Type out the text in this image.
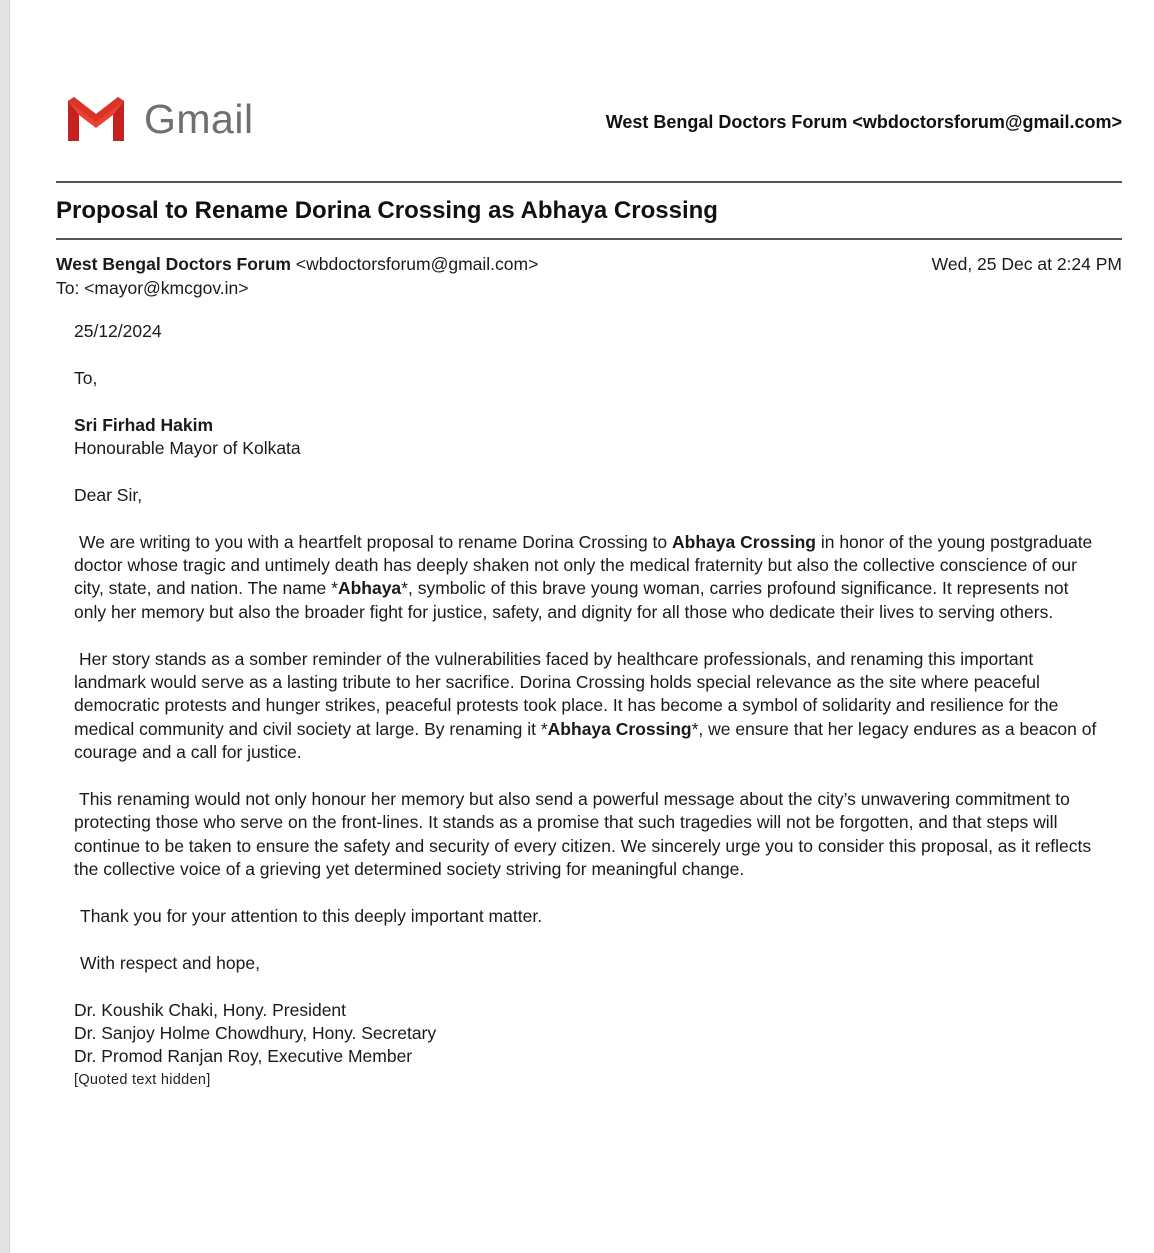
Gmail	West Bengal Doctors Forum <wbdoctorsforum@gmail.com>
Proposal to Rename Dorina Crossing as Abhaya Crossing
West Bengal Doctors Forum <wbdoctorsforum@gmail.com>
To: <mayor@kmcgov.in>
Wed, 25 Dec at 2:24 PM

25/12/2024

To,

Sri Firhad Hakim
Honourable Mayor of Kolkata

Dear Sir,

We are writing to you with a heartfelt proposal to rename Dorina Crossing to Abhaya Crossing in honor of the young postgraduate doctor whose tragic and untimely death has deeply shaken not only the medical fraternity but also the collective conscience of our city, state, and nation. The name *Abhaya*, symbolic of this brave young woman, carries profound significance. It represents not only her memory but also the broader fight for justice, safety, and dignity for all those who dedicate their lives to serving others.

Her story stands as a somber reminder of the vulnerabilities faced by healthcare professionals, and renaming this important landmark would serve as a lasting tribute to her sacrifice. Dorina Crossing holds special relevance as the site where peaceful democratic protests and hunger strikes, peaceful protests took place. It has become a symbol of solidarity and resilience for the medical community and civil society at large. By renaming it *Abhaya Crossing*, we ensure that her legacy endures as a beacon of courage and a call for justice.

This renaming would not only honour her memory but also send a powerful message about the city’s unwavering commitment to protecting those who serve on the front-lines. It stands as a promise that such tragedies will not be forgotten, and that steps will continue to be taken to ensure the safety and security of every citizen. We sincerely urge you to consider this proposal, as it reflects the collective voice of a grieving yet determined society striving for meaningful change.

Thank you for your attention to this deeply important matter.

With respect and hope,

Dr. Koushik Chaki, Hony. President

Dr. Sanjoy Holme Chowdhury, Hony. Secretary

Dr. Promod Ranjan Roy, Executive Member

[Quoted text hidden]
